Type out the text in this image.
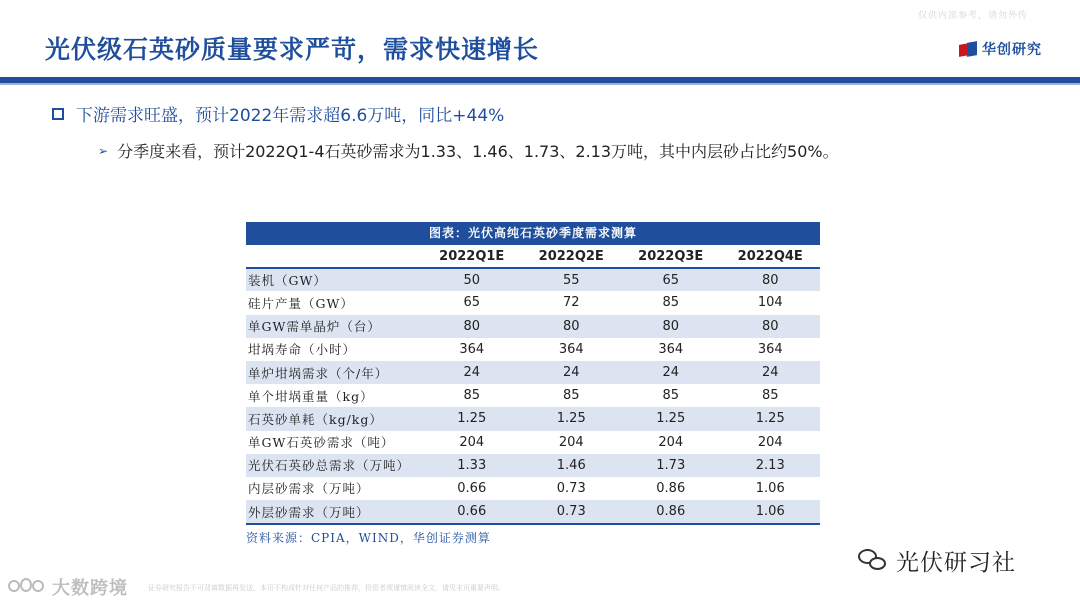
仅供内部参考，请勿外传
光伏级石英砂质量要求严苛，需求快速增长	华创研究
下游需求旺盛，预计2022年需求超6.6万吨，同比+44%
➢ 分季度来看，预计2022Q1-4石英砂需求为1.33、1.46、1.73、2.13万吨，其中内层砂占比约50%。
图表：光伏高纯石英砂季度需求测算
	2022Q1E	2022Q2E	2022Q3E	2022Q4E
装机（GW）	50	55	65	80
硅片产量（GW）	65	72	85	104
单GW需单晶炉（台）	80	80	80	80
坩埚寿命（小时）	364	364	364	364
单炉坩埚需求（个/年）	24	24	24	24
单个坩埚重量（kg）	85	85	85	85
石英砂单耗（kg/kg）	1.25	1.25	1.25	1.25
单GW石英砂需求（吨）	204	204	204	204
光伏石英砂总需求（万吨）	1.33	1.46	1.73	2.13
内层砂需求（万吨）	0.66	0.73	0.86	1.06
外层砂需求（万吨）	0.66	0.73	0.86	1.06
资料来源：CPIA，WIND，华创证券测算
光伏研习社
大数跨境	证券研究报告不可背离数据再发送，本页不构成针对任何产品的推荐，投资者须谨慎阅读全文，请见末页重要声明。
